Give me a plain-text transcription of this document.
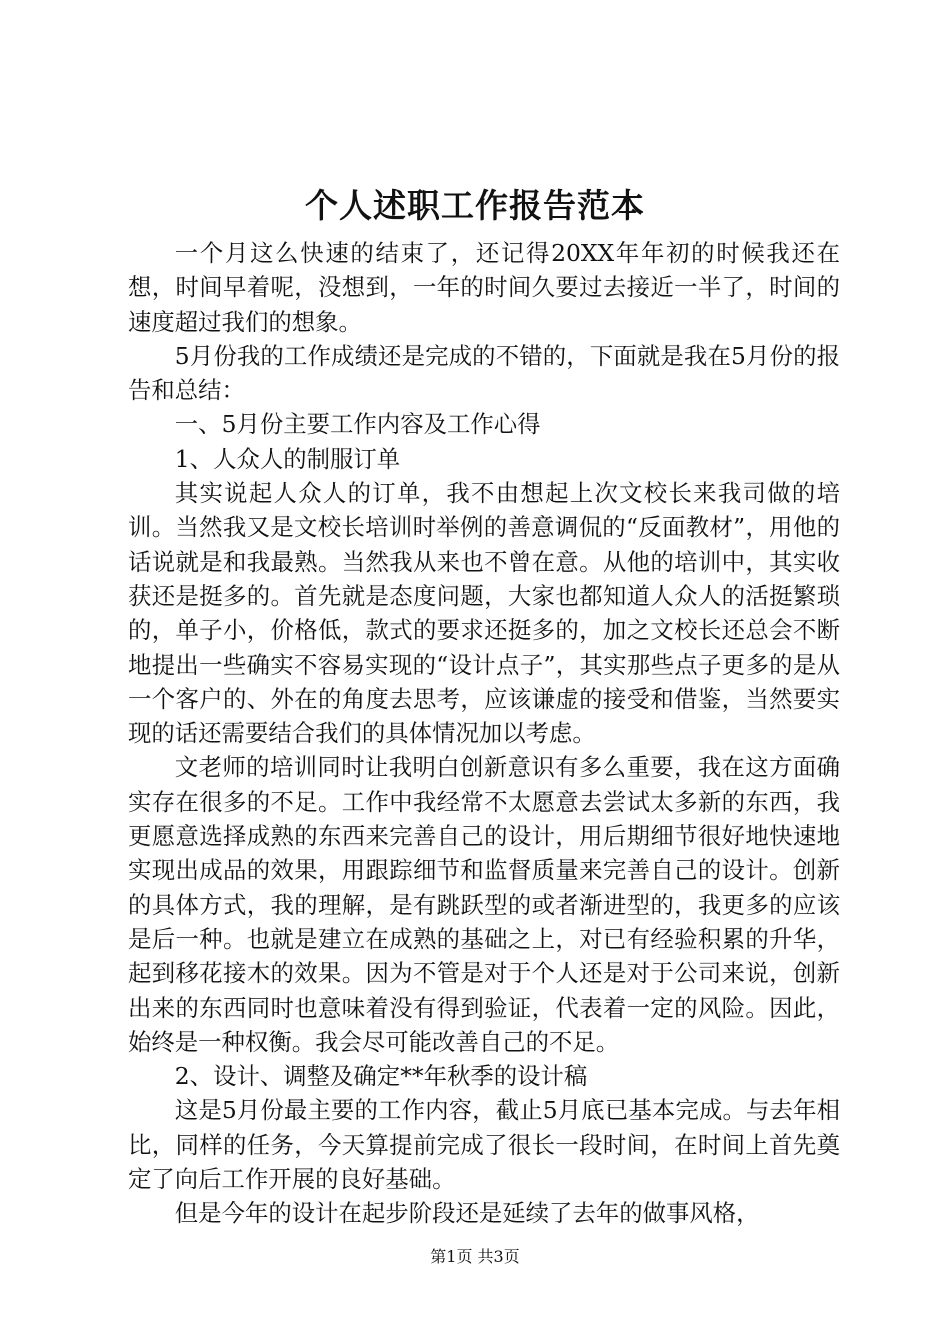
个人述职工作报告范本

一个月这么快速的结束了，还记得20XX年年初的时候我还在想，时间早着呢，没想到，一年的时间久要过去接近一半了，时间的速度超过我们的想象。

5月份我的工作成绩还是完成的不错的，下面就是我在5月份的报告和总结：

一、5月份主要工作内容及工作心得

1、人众人的制服订单

其实说起人众人的订单，我不由想起上次文校长来我司做的培训。当然我又是文校长培训时举例的善意调侃的“反面教材”，用他的话说就是和我最熟。当然我从来也不曾在意。从他的培训中，其实收获还是挺多的。首先就是态度问题，大家也都知道人众人的活挺繁琐的，单子小，价格低，款式的要求还挺多的，加之文校长还总会不断地提出一些确实不容易实现的“设计点子”，其实那些点子更多的是从一个客户的、外在的角度去思考，应该谦虚的接受和借鉴，当然要实现的话还需要结合我们的具体情况加以考虑。

文老师的培训同时让我明白创新意识有多么重要，我在这方面确实存在很多的不足。工作中我经常不太愿意去尝试太多新的东西，我更愿意选择成熟的东西来完善自己的设计，用后期细节很好地快速地实现出成品的效果，用跟踪细节和监督质量来完善自己的设计。创新的具体方式，我的理解，是有跳跃型的或者渐进型的，我更多的应该是后一种。也就是建立在成熟的基础之上，对已有经验积累的升华，起到移花接木的效果。因为不管是对于个人还是对于公司来说，创新出来的东西同时也意味着没有得到验证，代表着一定的风险。因此，始终是一种权衡。我会尽可能改善自己的不足。

2、设计、调整及确定**年秋季的设计稿

这是5月份最主要的工作内容，截止5月底已基本完成。与去年相比，同样的任务，今天算提前完成了很长一段时间，在时间上首先奠定了向后工作开展的良好基础。

但是今年的设计在起步阶段还是延续了去年的做事风格，

第1页 共3页
